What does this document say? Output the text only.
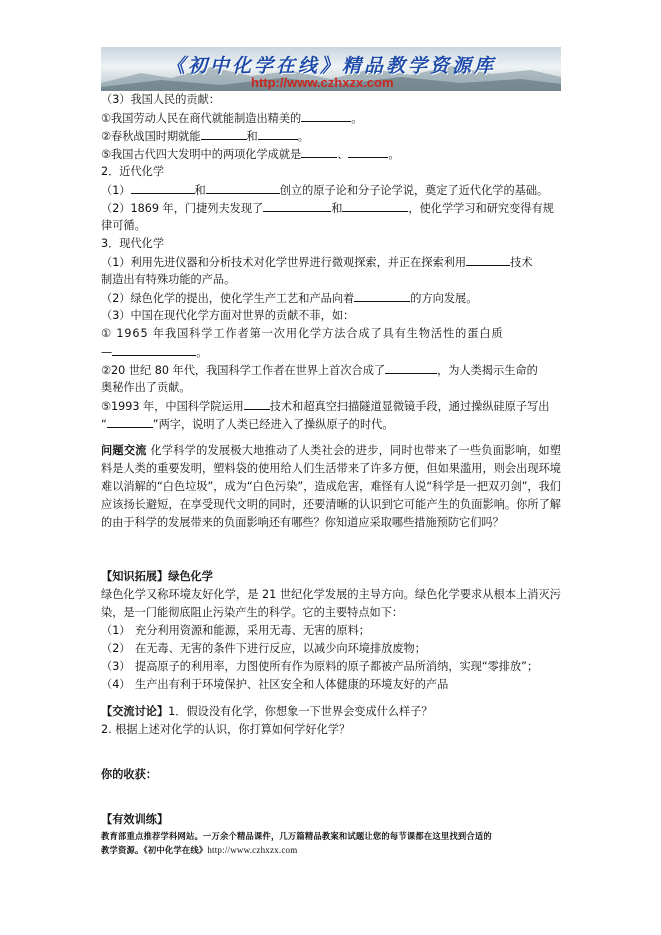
《初中化学在线》精品教学资源库
http://www.czhxzx.com
（3）我国人民的贡献：
①我国劳动人民在商代就能制造出精美的	。
②春秋战国时期就能	和	。
⑤我国古代四大发明中的两项化学成就是	、	。
2．近代化学
（1）	和	创立的原子论和分子论学说，奠定了近代化学的基础。
（2）1869 年，门捷列夫发现了	和	，使化学学习和研究变得有规
律可循。
3．现代化学
（1）利用先进仪器和分析技术对化学世界进行微观探索，并正在探索利用	技术
制造出有特殊功能的产品。
（2）绿色化学的提出，使化学生产工艺和产品向着	的方向发展。
（3）中国在现代化学方面对世界的贡献不菲，如：
① 1965 年我国科学工作者第一次用化学方法合成了具有生物活性的蛋白质
—	。
②20 世纪 80 年代，我国科学工作者在世界上首次合成了	，为人类揭示生命的
奥秘作出了贡献。
⑤1993 年，中国科学院运用 技术和超真空扫描隧道显微镜手段，通过操纵硅原子写出
“	”两字，说明了人类已经进入了操纵原子的时代。
问题交流 化学科学的发展极大地推动了人类社会的进步，同时也带来了一些负面影响，如塑料是人类的重要发明，塑料袋的使用给人们生活带来了许多方便，但如果滥用，则会出现环境难以消解的“白色垃圾”，成为“白色污染”，造成危害，难怪有人说“科学是一把双刃剑”，我们应该扬长避短，在享受现代文明的同时，还要清晰的认识到它可能产生的负面影响。你所了解的由于科学的发展带来的负面影响还有哪些？你知道应采取哪些措施预防它们吗？
【知识拓展】绿色化学
绿色化学又称环境友好化学，是 21 世纪化学发展的主导方向。绿色化学要求从根本上消灭污染，是一门能彻底阻止污染产生的科学。它的主要特点如下：
（1） 充分利用资源和能源，采用无毒、无害的原料；
（2） 在无毒、无害的条件下进行反应，以减少向环境排放废物；
（3） 提高原子的利用率，力图使所有作为原料的原子都被产品所消纳，实现“零排放”；
（4） 生产出有利于环境保护、社区安全和人体健康的环境友好的产品
【交流讨论】1．假设没有化学，你想象一下世界会变成什么样子？
2. 根据上述对化学的认识，你打算如何学好化学？
你的收获：
【有效训练】
教育部重点推荐学科网站。一万余个精品课件，几万篇精品教案和试题让您的每节课都在这里找到合适的
教学资源。《初中化学在线》http://www.czhxzx.com
